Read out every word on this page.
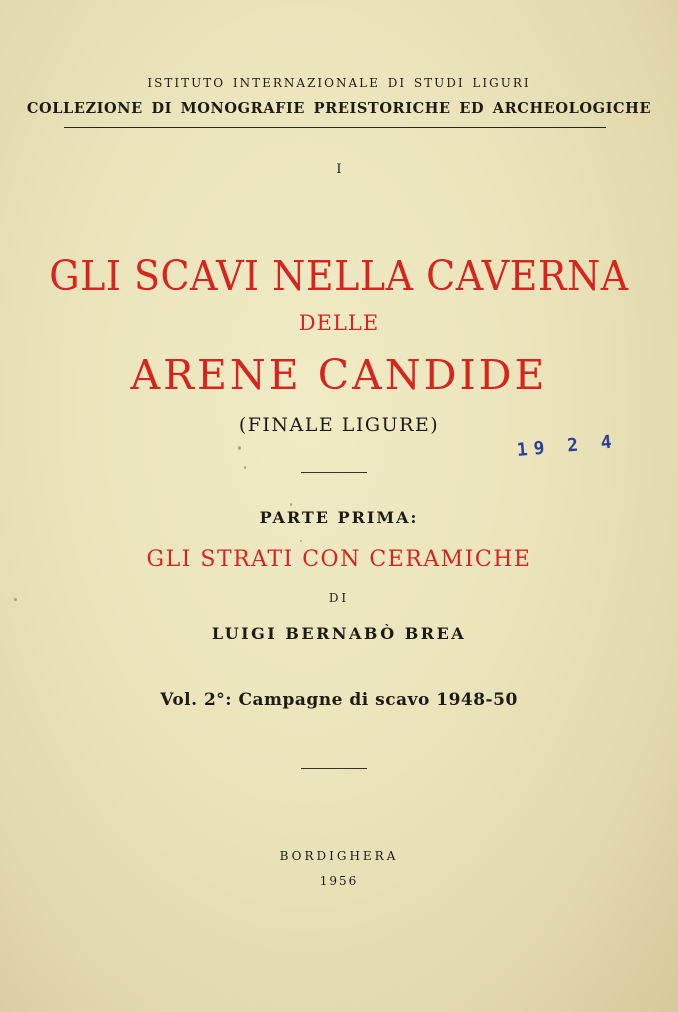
ISTITUTO INTERNAZIONALE DI STUDI LIGURI
COLLEZIONE DI MONOGRAFIE PREISTORICHE ED ARCHEOLOGICHE
I
GLI SCAVI NELLA CAVERNA
DELLE
ARENE CANDIDE
(FINALE LIGURE)
19 2 4
PARTE PRIMA:
GLI STRATI CON CERAMICHE
DI
LUIGI BERNABÒ BREA
Vol. 2°: Campagne di scavo 1948-50
BORDIGHERA
1956
